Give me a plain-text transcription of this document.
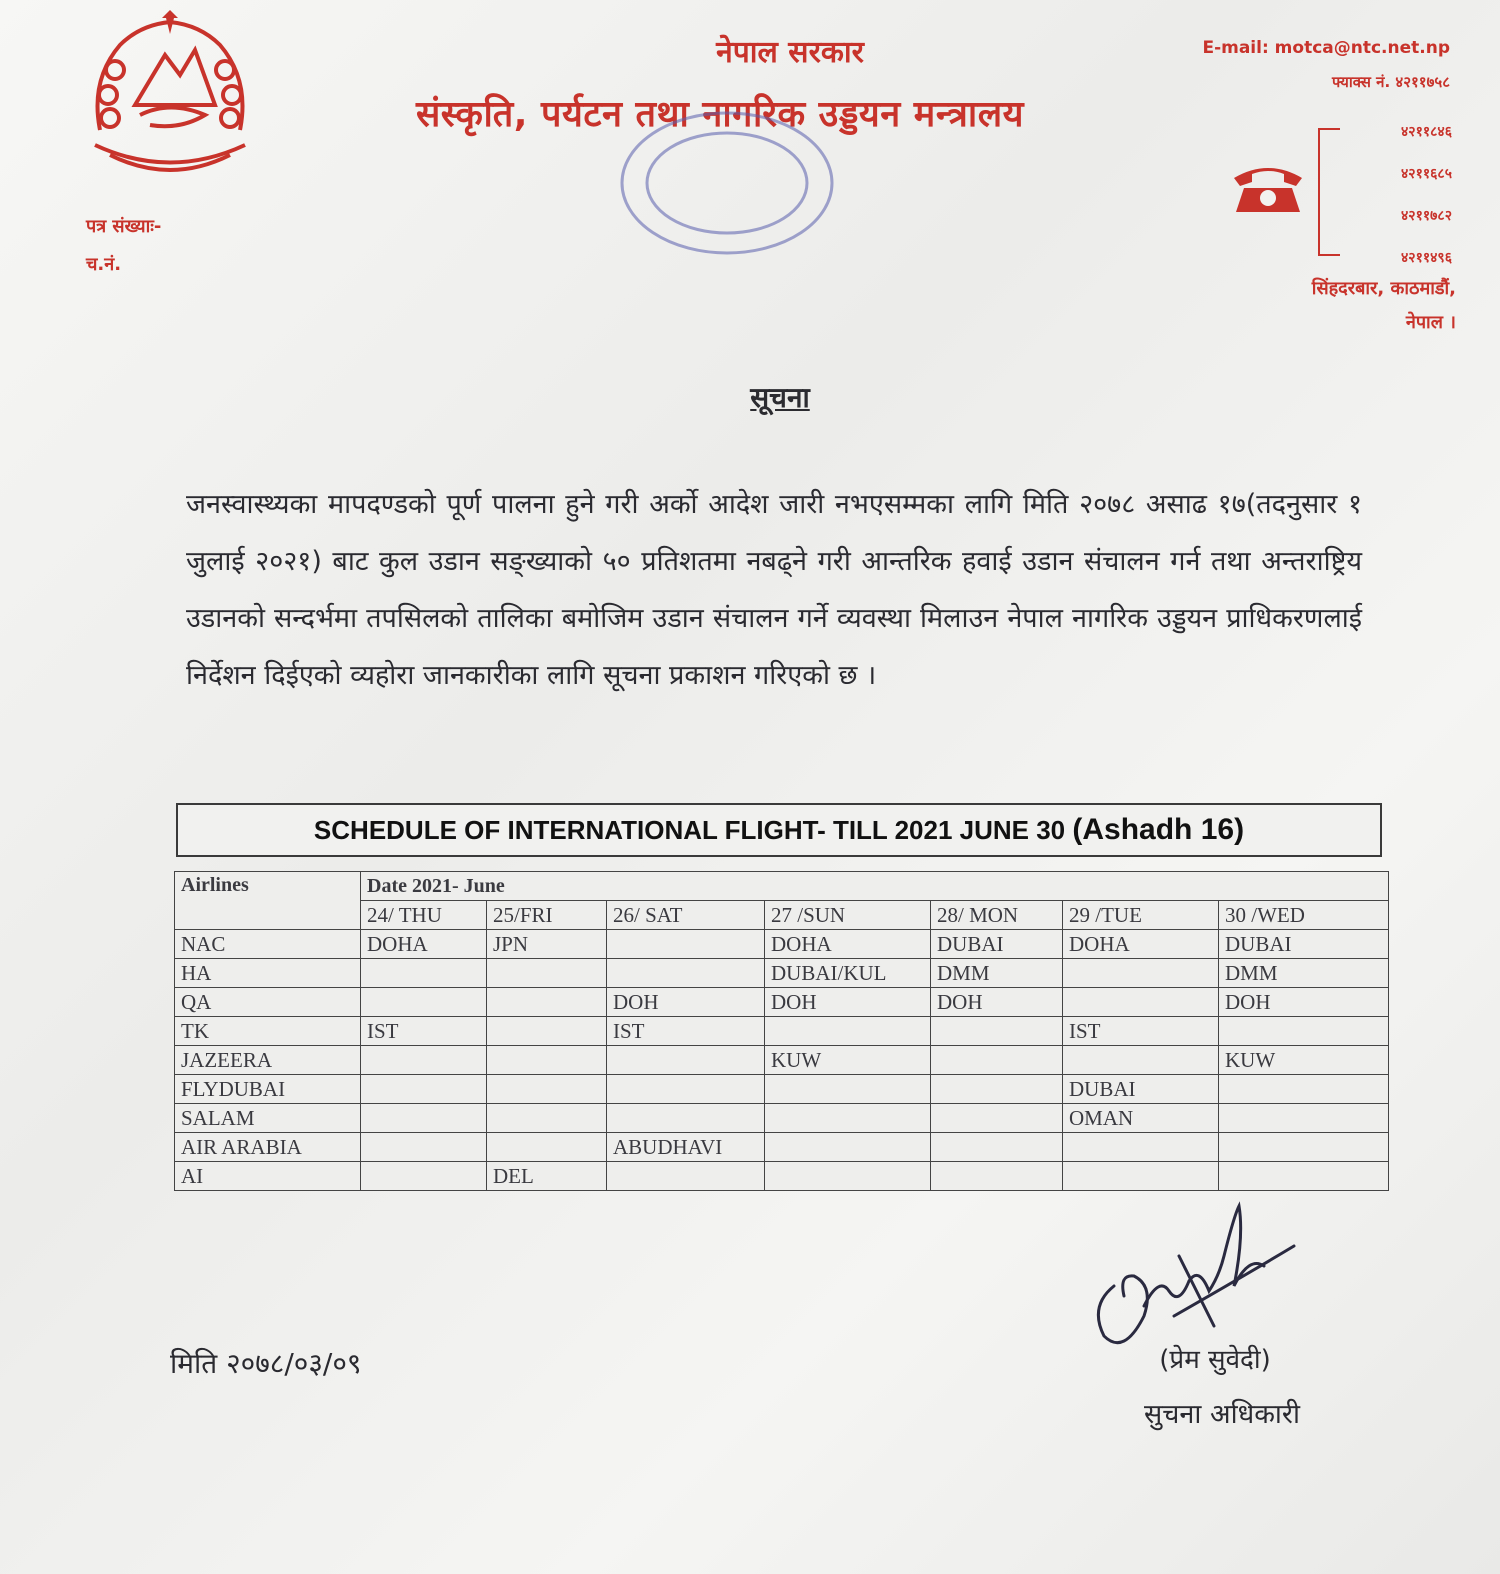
नेपाल सरकार
संस्कृति, पर्यटन तथा नागरिक उड्डयन मन्त्रालय
पत्र संख्याः-
च.नं.
E-mail: motca@ntc.net.np
फ्याक्स नं. ४२११७५८
४२११८४६
४२११६८५
४२११७८२
४२११४९६
सिंहदरबार, काठमाडौं,
नेपाल ।
सूचना
जनस्वास्थ्यका मापदण्डको पूर्ण पालना हुने गरी अर्को आदेश जारी नभएसम्मका लागि मिति २०७८ असाढ १७(तदनुसार १ जुलाई २०२१) बाट कुल उडान सङ्ख्याको ५० प्रतिशतमा नबढ्ने गरी आन्तरिक हवाई उडान संचालन गर्न तथा अन्तराष्ट्रिय उडानको सन्दर्भमा तपसिलको तालिका बमोजिम उडान संचालन गर्ने व्यवस्था मिलाउन नेपाल नागरिक उड्डयन प्राधिकरणलाई निर्देशन दिईएको व्यहोरा जानकारीका लागि सूचना प्रकाशन गरिएको छ ।
SCHEDULE OF INTERNATIONAL FLIGHT- TILL 2021 JUNE 30 (Ashadh 16)
Airlines	Date 2021- June						
	24/ THU	25/FRI	26/ SAT	27 /SUN	28/ MON	29 /TUE	30 /WED
NAC	DOHA	JPN		DOHA	DUBAI	DOHA	DUBAI
HA				DUBAI/KUL	DMM		DMM
QA			DOH	DOH	DOH		DOH
TK	IST		IST			IST	
JAZEERA				KUW			KUW
FLYDUBAI						DUBAI	
SALAM						OMAN	
AIR ARABIA			ABUDHAVI				
AI		DEL					
मिति २०७८/०३/०९	(प्रेम सुवेदी)
सुचना अधिकारी
